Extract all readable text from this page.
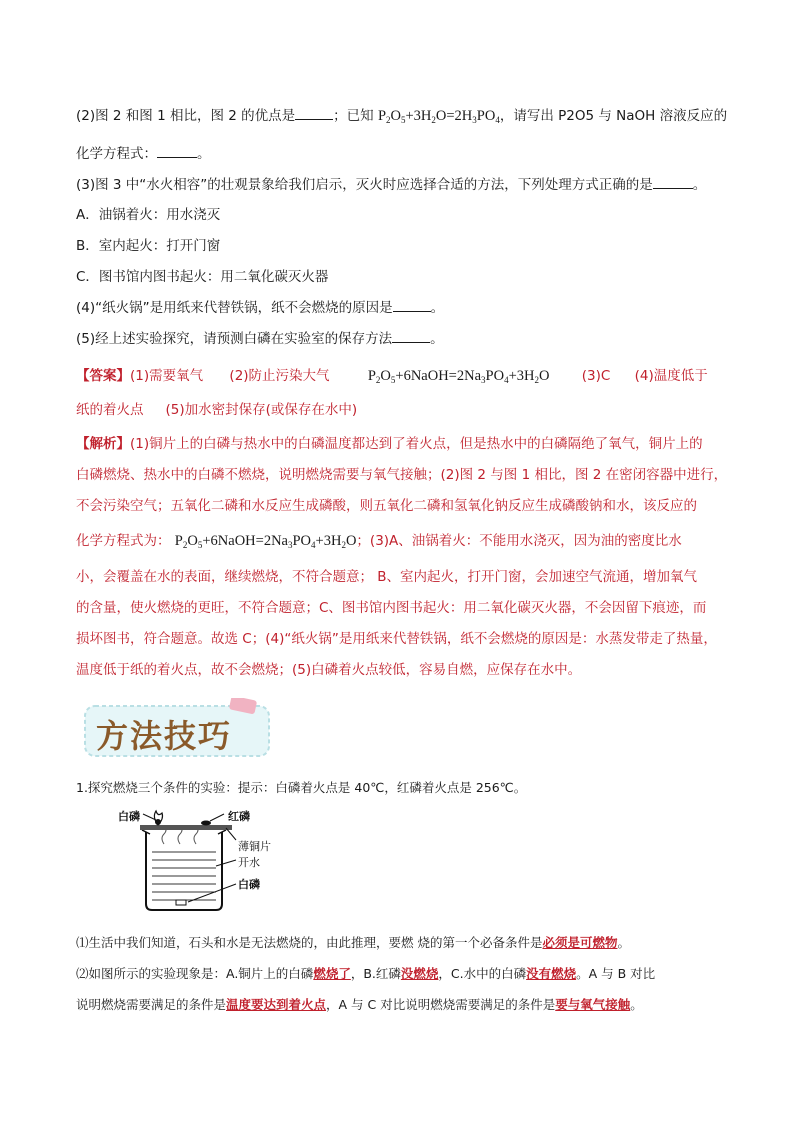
(2)图 2 和图 1 相比，图 2 的优点是	；已知 $P_2O_5+3H_2O=2H_3PO_4$，请写出 P2O5 与 NaOH 溶液反应的
化学方程式：	。
(3)图 3 中“水火相容”的壮观景象给我们启示，灭火时应选择合适的方法，下列处理方式正确的是	。
A．油锅着火：用水浇灭
B．室内起火：打开门窗
C．图书馆内图书起火：用二氧化碳灭火器
(4)“纸火锅”是用纸来代替铁锅，纸不会燃烧的原因是	。
(5)经上述实验探究，请预测白磷在实验室的保存方法	。
【答案】(1)需要氧气 (2)防止污染大气	$P_2O_5+6NaOH=2Na_3PO_4+3H_2O$ (3)C (4)温度低于
纸的着火点 (5)加水密封保存(或保存在水中)
【解析】(1)铜片上的白磷与热水中的白磷温度都达到了着火点，但是热水中的白磷隔绝了氧气，铜片上的
白磷燃烧、热水中的白磷不燃烧，说明燃烧需要与氧气接触；(2)图 2 与图 1 相比，图 2 在密闭容器中进行，
不会污染空气；五氧化二磷和水反应生成磷酸，则五氧化二磷和氢氧化钠反应生成磷酸钠和水，该反应的
化学方程式为： $P_2O_5+6NaOH=2Na_3PO_4+3H_2O$；(3)A、油锅着火：不能用水浇灭，因为油的密度比水
小，会覆盖在水的表面，继续燃烧，不符合题意； B、室内起火，打开门窗，会加速空气流通，增加氧气
的含量，使火燃烧的更旺，不符合题意；C、图书馆内图书起火：用二氧化碳灭火器，不会因留下痕迹，而
损坏图书，符合题意。故选 C；(4)“纸火锅”是用纸来代替铁锅，纸不会燃烧的原因是：水蒸发带走了热量，
温度低于纸的着火点，故不会燃烧；(5)白磷着火点较低，容易自燃，应保存在水中。
方法技巧
1.探究燃烧三个条件的实验：提示：白磷着火点是 40℃，红磷着火点是 256℃。
白磷	红磷
薄铜片
开水
白磷
⑴生活中我们知道，石头和水是无法燃烧的，由此推理，要燃 烧的第一个必备条件是必须是可燃物。
⑵如图所示的实验现象是：A.铜片上的白磷燃烧了，B.红磷没燃烧，C.水中的白磷没有燃烧。A 与 B 对比
说明燃烧需要满足的条件是温度要达到着火点，A 与 C 对比说明燃烧需要满足的条件是要与氧气接触。
